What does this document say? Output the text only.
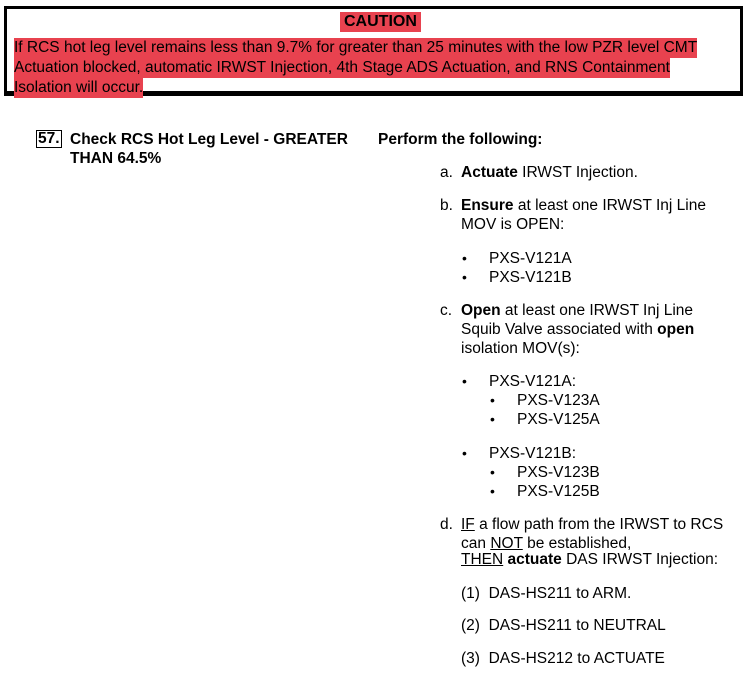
CAUTION
If RCS hot leg level remains less than 9.7% for greater than 25 minutes with the low PZR level CMT
Actuation blocked, automatic IRWST Injection, 4th Stage ADS Actuation, and RNS Containment
Isolation will occur.
57. Check RCS Hot Leg Level - GREATER
THAN 64.5%
Perform the following:
a. Actuate IRWST Injection.
b. Ensure at least one IRWST Inj Line
MOV is OPEN:
• PXS-V121A
• PXS-V121B
c. Open at least one IRWST Inj Line
Squib Valve associated with open
isolation MOV(s):
• PXS-V121A:
• PXS-V123A
• PXS-V125A
• PXS-V121B:
• PXS-V123B
• PXS-V125B
d. IF a flow path from the IRWST to RCS
can NOT be established,
THEN actuate DAS IRWST Injection:
(1) DAS-HS211 to ARM.
(2) DAS-HS211 to NEUTRAL
(3) DAS-HS212 to ACTUATE
